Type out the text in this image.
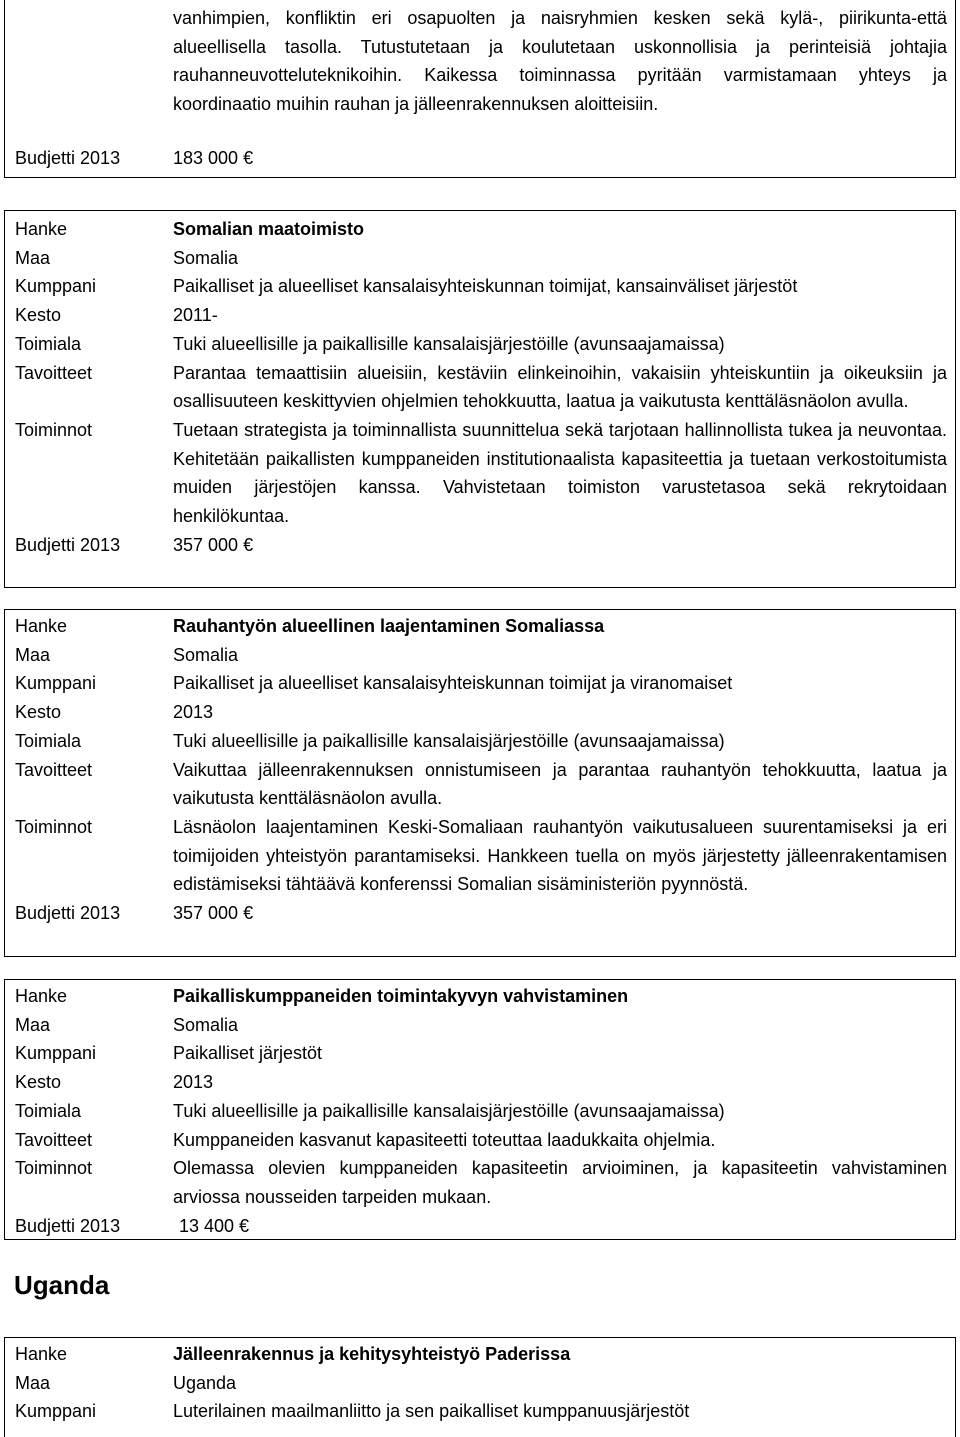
vanhimpien, konfliktin eri osapuolten ja naisryhmien kesken sekä kylä-, piirikunta-että alueellisella tasolla. Tutustutetaan ja koulutetaan uskonnollisia ja perinteisiä johtajia rauhanneuvotteluteknikoihin. Kaikessa toiminnassa pyritään varmistamaan yhteys ja koordinaatio muihin rauhan ja jälleenrakennuksen aloitteisiin.
Budjetti 2013	183 000 €
Hanke	Somalian maatoimisto
Maa	Somalia
Kumppani	Paikalliset ja alueelliset kansalaisyhteiskunnan toimijat, kansainväliset järjestöt
Kesto	2011-
Toimiala	Tuki alueellisille ja paikallisille kansalaisjärjestöille (avunsaajamaissa)
Tavoitteet	Parantaa temaattisiin alueisiin, kestäviin elinkeinoihin, vakaisiin yhteiskuntiin ja oikeuksiin ja osallisuuteen keskittyvien ohjelmien tehokkuutta, laatua ja vaikutusta kenttäläsnäolon avulla.
Toiminnot	Tuetaan strategista ja toiminnallista suunnittelua sekä tarjotaan hallinnollista tukea ja neuvontaa. Kehitetään paikallisten kumppaneiden institutionaalista kapasiteettia ja tuetaan verkostoitumista muiden järjestöjen kanssa. Vahvistetaan toimiston varustetasoa sekä rekrytoidaan henkilökuntaa.
Budjetti 2013	357 000 €
Hanke	Rauhantyön alueellinen laajentaminen Somaliassa
Maa	Somalia
Kumppani	Paikalliset ja alueelliset kansalaisyhteiskunnan toimijat ja viranomaiset
Kesto	2013
Toimiala	Tuki alueellisille ja paikallisille kansalaisjärjestöille (avunsaajamaissa)
Tavoitteet	Vaikuttaa jälleenrakennuksen onnistumiseen ja parantaa rauhantyön tehokkuutta, laatua ja vaikutusta kenttäläsnäolon avulla.
Toiminnot	Läsnäolon laajentaminen Keski-Somaliaan rauhantyön vaikutusalueen suurentamiseksi ja eri toimijoiden yhteistyön parantamiseksi. Hankkeen tuella on myös järjestetty jälleenrakentamisen edistämiseksi tähtäävä konferenssi Somalian sisäministeriön pyynnöstä.
Budjetti 2013	357 000 €
Hanke	Paikalliskumppaneiden toimintakyvyn vahvistaminen
Maa	Somalia
Kumppani	Paikalliset järjestöt
Kesto	2013
Toimiala	Tuki alueellisille ja paikallisille kansalaisjärjestöille (avunsaajamaissa)
Tavoitteet	Kumppaneiden kasvanut kapasiteetti toteuttaa laadukkaita ohjelmia.
Toiminnot	Olemassa olevien kumppaneiden kapasiteetin arvioiminen, ja kapasiteetin vahvistaminen arviossa nousseiden tarpeiden mukaan.
Budjetti 2013	13 400 €
Uganda
Hanke	Jälleenrakennus ja kehitysyhteistyö Paderissa
Maa	Uganda
Kumppani	Luterilainen maailmanliitto ja sen paikalliset kumppanuusjärjestöt
